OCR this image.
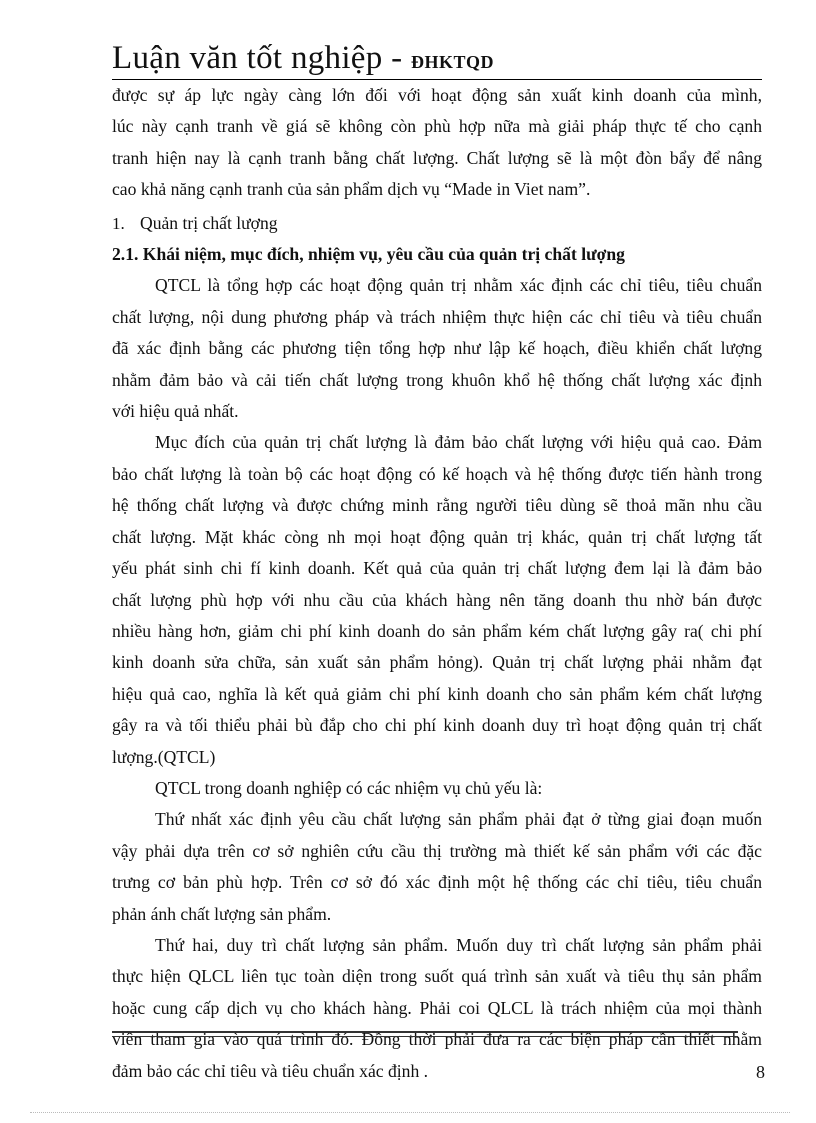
Luận văn tốt nghiệp - ĐHKTQD
được sự áp lực ngày càng lớn đối với hoạt động sản xuất kinh doanh của mình,
lúc này cạnh tranh về giá sẽ không còn phù hợp nữa mà giải pháp thực tế cho cạnh
tranh hiện nay là cạnh tranh bằng chất lượng. Chất lượng sẽ là một đòn bẩy để nâng
cao khả năng cạnh tranh của sản phẩm dịch vụ “Made in Viet nam”.
1. Quản trị chất lượng
2.1. Khái niệm, mục đích, nhiệm vụ, yêu cầu của quản trị chất lượng
QTCL là tổng hợp các hoạt động quản trị nhằm xác định các chỉ tiêu, tiêu chuẩn
chất lượng, nội dung phương pháp và trách nhiệm thực hiện các chỉ tiêu và tiêu chuẩn
đã xác định bằng các phương tiện tổng hợp như lập kế hoạch, điều khiển chất lượng
nhằm đảm bảo và cải tiến chất lượng trong khuôn khổ hệ thống chất lượng xác định
với hiệu quả nhất.
Mục đích của quản trị chất lượng là đảm bảo chất lượng với hiệu quả cao. Đảm
bảo chất lượng là toàn bộ các hoạt động có kế hoạch và hệ thống được tiến hành trong
hệ thống chất lượng và được chứng minh rằng người tiêu dùng sẽ thoả mãn nhu cầu
chất lượng. Mặt khác còng nh mọi hoạt động quản trị khác, quản trị chất lượng tất
yếu phát sinh chi fí kinh doanh. Kết quả của quản trị chất lượng đem lại là đảm bảo
chất lượng phù hợp với nhu cầu của khách hàng nên tăng doanh thu nhờ bán được
nhiều hàng hơn, giảm chi phí kinh doanh do sản phẩm kém chất lượng gây ra( chi phí
kinh doanh sửa chữa, sản xuất sản phẩm hỏng). Quản trị chất lượng phải nhằm đạt
hiệu quả cao, nghĩa là kết quả giảm chi phí kinh doanh cho sản phẩm kém chất lượng
gây ra và tối thiểu phải bù đắp cho chi phí kinh doanh duy trì hoạt động quản trị chất
lượng.(QTCL)
QTCL trong doanh nghiệp có các nhiệm vụ chủ yếu là:
Thứ nhất xác định yêu cầu chất lượng sản phẩm phải đạt ở từng giai đoạn muốn
vậy phải dựa trên cơ sở nghiên cứu cầu thị trường mà thiết kế sản phẩm với các đặc
trưng cơ bản phù hợp. Trên cơ sở đó xác định một hệ thống các chỉ tiêu, tiêu chuẩn
phản ánh chất lượng sản phẩm.
Thứ hai, duy trì chất lượng sản phẩm. Muốn duy trì chất lượng sản phẩm phải
thực hiện QLCL liên tục toàn diện trong suốt quá trình sản xuất và tiêu thụ sản phẩm
hoặc cung cấp dịch vụ cho khách hàng. Phải coi QLCL là trách nhiệm của mọi thành
viên tham gia vào quá trình đó. Đồng thời phải đưa ra các biện pháp cần thiết nhằm
đảm bảo các chỉ tiêu và tiêu chuẩn xác định .	8
